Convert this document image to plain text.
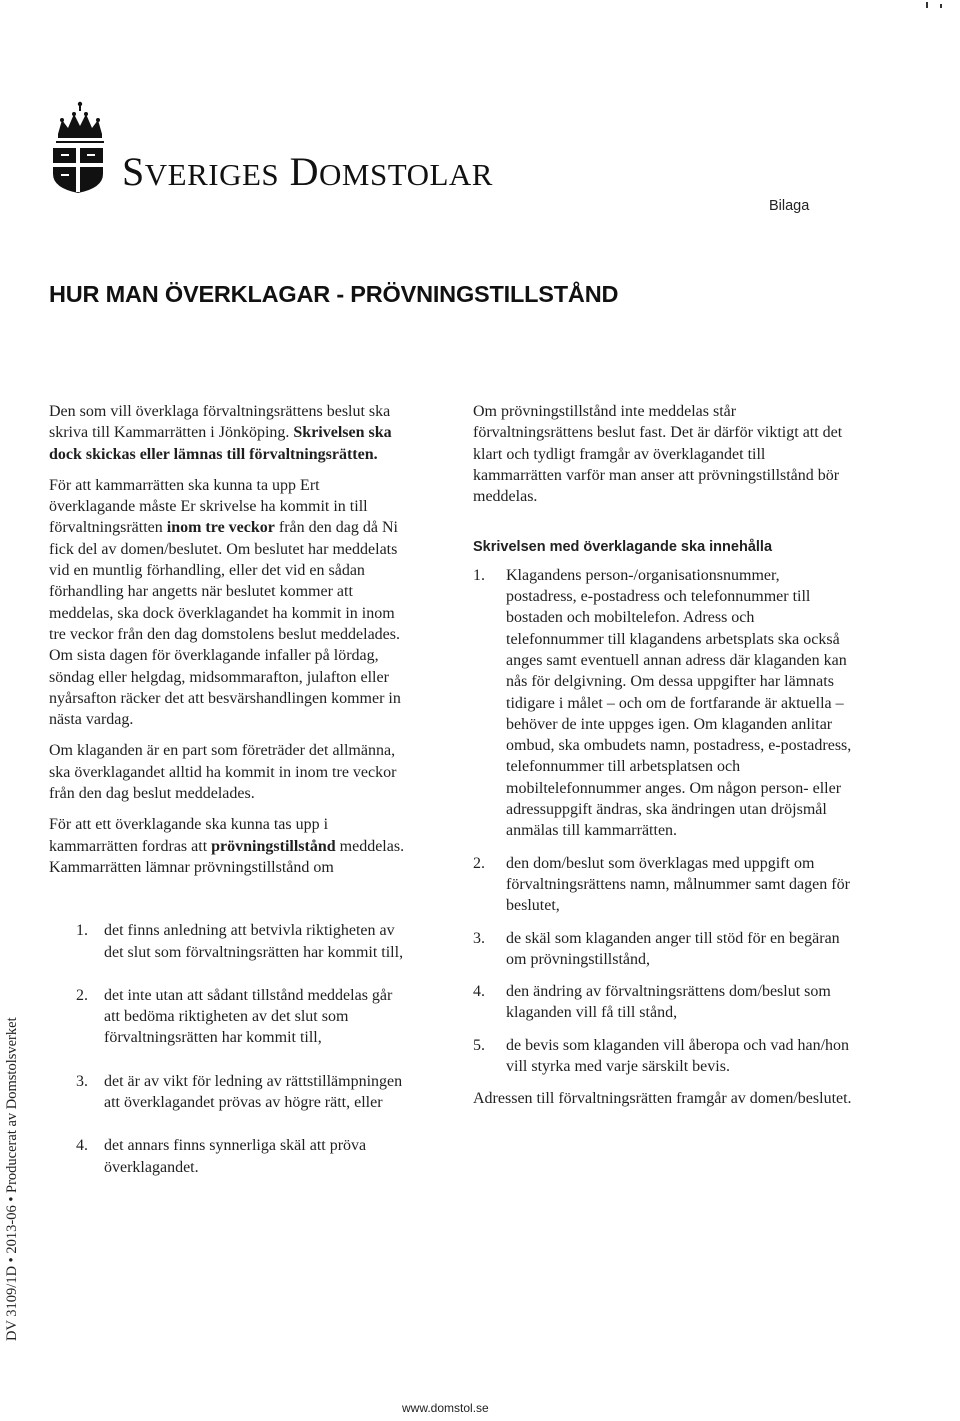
SVERIGES DOMSTOLAR
Bilaga
HUR MAN ÖVERKLAGAR - PRÖVNINGSTILLSTÅND

Den som vill överklaga förvaltningsrättens beslut ska skriva till Kammarrätten i Jönköping. Skrivelsen ska dock skickas eller lämnas till förvaltningsrätten.

För att kammarrätten ska kunna ta upp Ert överklagande måste Er skrivelse ha kommit in till förvaltningsrätten inom tre veckor från den dag då Ni fick del av domen/beslutet. Om beslutet har meddelats vid en muntlig förhandling, eller det vid en sådan förhandling har angetts när beslutet kommer att meddelas, ska dock överklagandet ha kommit in inom tre veckor från den dag domstolens beslut meddelades. Om sista dagen för överklagande infaller på lördag, söndag eller helgdag, midsommarafton, julafton eller nyårsafton räcker det att besvärshandlingen kommer in nästa vardag.

Om klaganden är en part som företräder det allmänna, ska överklagandet alltid ha kommit in inom tre veckor från den dag beslut meddelades.

För att ett överklagande ska kunna tas upp i kammarrätten fordras att prövningstillstånd meddelas. Kammarrätten lämnar prövningstillstånd om

1. det finns anledning att betvivla riktigheten av det slut som förvaltningsrätten har kommit till,
2. det inte utan att sådant tillstånd meddelas går att bedöma riktigheten av det slut som förvaltningsrätten har kommit till,
3. det är av vikt för ledning av rättstillämpningen att överklagandet prövas av högre rätt, eller
4. det annars finns synnerliga skäl att pröva överklagandet.

Om prövningstillstånd inte meddelas står förvaltningsrättens beslut fast. Det är därför viktigt att det klart och tydligt framgår av överklagandet till kammarrätten varför man anser att prövningstillstånd bör meddelas.

Skrivelsen med överklagande ska innehålla
1. Klagandens person-/organisationsnummer, postadress, e-postadress och telefonnummer till bostaden och mobiltelefon. Adress och telefonnummer till klagandens arbetsplats ska också anges samt eventuell annan adress där klaganden kan nås för delgivning. Om dessa uppgifter har lämnats tidigare i målet – och om de fortfarande är aktuella – behöver de inte uppges igen. Om klaganden anlitar ombud, ska ombudets namn, postadress, e-postadress, telefonnummer till arbetsplatsen och mobiltelefonnummer anges. Om någon person- eller adressuppgift ändras, ska ändringen utan dröjsmål anmälas till kammarrätten.
2. den dom/beslut som överklagas med uppgift om förvaltningsrättens namn, målnummer samt dagen för beslutet,
3. de skäl som klaganden anger till stöd för en begäran om prövningstillstånd,
4. den ändring av förvaltningsrättens dom/beslut som klaganden vill få till stånd,
5. de bevis som klaganden vill åberopa och vad han/hon vill styrka med varje särskilt bevis.

Adressen till förvaltningsrätten framgår av domen/beslutet.

DV 3109/1D • 2013-06 • Producerat av Domstolsverket
www.domstol.se
